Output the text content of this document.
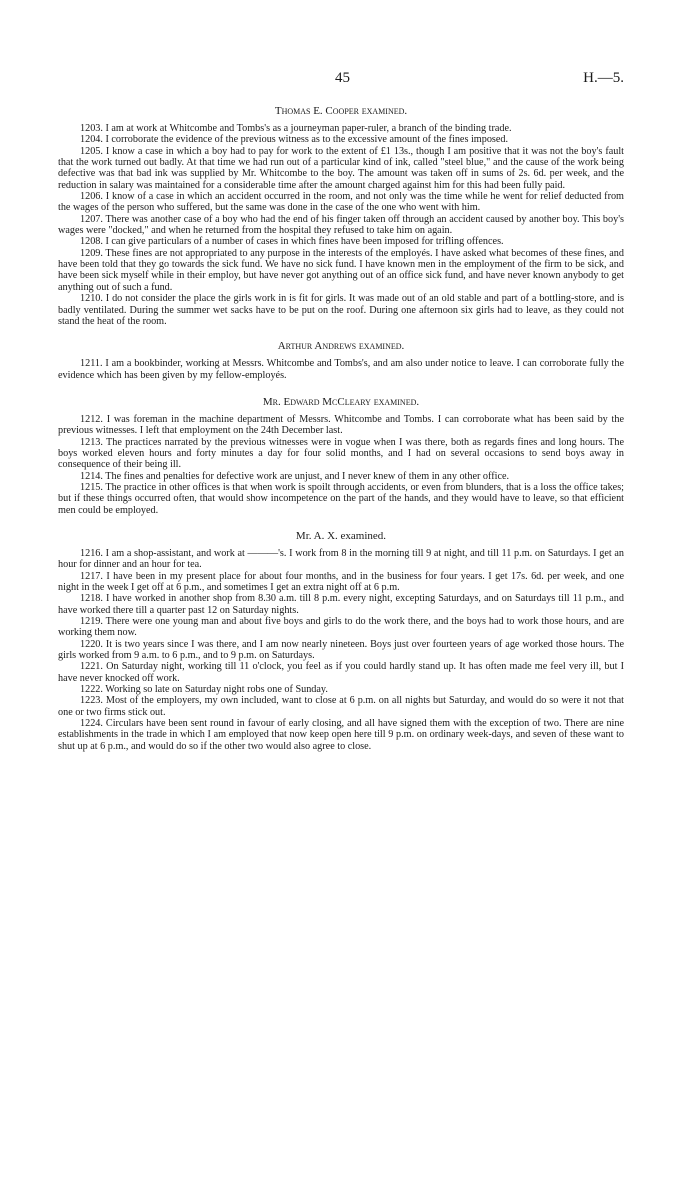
45	H.—5.
Thomas E. Cooper examined.

1203. I am at work at Whitcombe and Tombs's as a journeyman paper-ruler, a branch of the binding trade.

1204. I corroborate the evidence of the previous witness as to the excessive amount of the fines imposed.

1205. I know a case in which a boy had to pay for work to the extent of £1 13s., though I am positive that it was not the boy's fault that the work turned out badly. At that time we had run out of a particular kind of ink, called "steel blue," and the cause of the work being defective was that bad ink was supplied by Mr. Whitcombe to the boy. The amount was taken off in sums of 2s. 6d. per week, and the reduction in salary was maintained for a considerable time after the amount charged against him for this had been fully paid.

1206. I know of a case in which an accident occurred in the room, and not only was the time while he went for relief deducted from the wages of the person who suffered, but the same was done in the case of the one who went with him.

1207. There was another case of a boy who had the end of his finger taken off through an accident caused by another boy. This boy's wages were "docked," and when he returned from the hospital they refused to take him on again.

1208. I can give particulars of a number of cases in which fines have been imposed for trifling offences.

1209. These fines are not appropriated to any purpose in the interests of the employés. I have asked what becomes of these fines, and have been told that they go towards the sick fund. We have no sick fund. I have known men in the employment of the firm to be sick, and have been sick myself while in their employ, but have never got anything out of an office sick fund, and have never known anybody to get anything out of such a fund.

1210. I do not consider the place the girls work in is fit for girls. It was made out of an old stable and part of a bottling-store, and is badly ventilated. During the summer wet sacks have to be put on the roof. During one afternoon six girls had to leave, as they could not stand the heat of the room.

Arthur Andrews examined.

1211. I am a bookbinder, working at Messrs. Whitcombe and Tombs's, and am also under notice to leave. I can corroborate fully the evidence which has been given by my fellow-employés.

Mr. Edward McCleary examined.

1212. I was foreman in the machine department of Messrs. Whitcombe and Tombs. I can corroborate what has been said by the previous witnesses. I left that employment on the 24th December last.

1213. The practices narrated by the previous witnesses were in vogue when I was there, both as regards fines and long hours. The boys worked eleven hours and forty minutes a day for four solid months, and I had on several occasions to send boys away in consequence of their being ill.

1214. The fines and penalties for defective work are unjust, and I never knew of them in any other office.

1215. The practice in other offices is that when work is spoilt through accidents, or even from blunders, that is a loss the office takes; but if these things occurred often, that would show incompetence on the part of the hands, and they would have to leave, so that efficient men could be employed.

Mr. A. X. examined.

1216. I am a shop-assistant, and work at ———'s. I work from 8 in the morning till 9 at night, and till 11 p.m. on Saturdays. I get an hour for dinner and an hour for tea.

1217. I have been in my present place for about four months, and in the business for four years. I get 17s. 6d. per week, and one night in the week I get off at 6 p.m., and sometimes I get an extra night off at 6 p.m.

1218. I have worked in another shop from 8.30 a.m. till 8 p.m. every night, excepting Saturdays, and on Saturdays till 11 p.m., and have worked there till a quarter past 12 on Saturday nights.

1219. There were one young man and about five boys and girls to do the work there, and the boys had to work those hours, and are working them now.

1220. It is two years since I was there, and I am now nearly nineteen. Boys just over fourteen years of age worked those hours. The girls worked from 9 a.m. to 6 p.m., and to 9 p.m. on Saturdays.

1221. On Saturday night, working till 11 o'clock, you feel as if you could hardly stand up. It has often made me feel very ill, but I have never knocked off work.

1222. Working so late on Saturday night robs one of Sunday.

1223. Most of the employers, my own included, want to close at 6 p.m. on all nights but Saturday, and would do so were it not that one or two firms stick out.

1224. Circulars have been sent round in favour of early closing, and all have signed them with the exception of two. There are nine establishments in the trade in which I am employed that now keep open here till 9 p.m. on ordinary week-days, and seven of these want to shut up at 6 p.m., and would do so if the other two would also agree to close.
